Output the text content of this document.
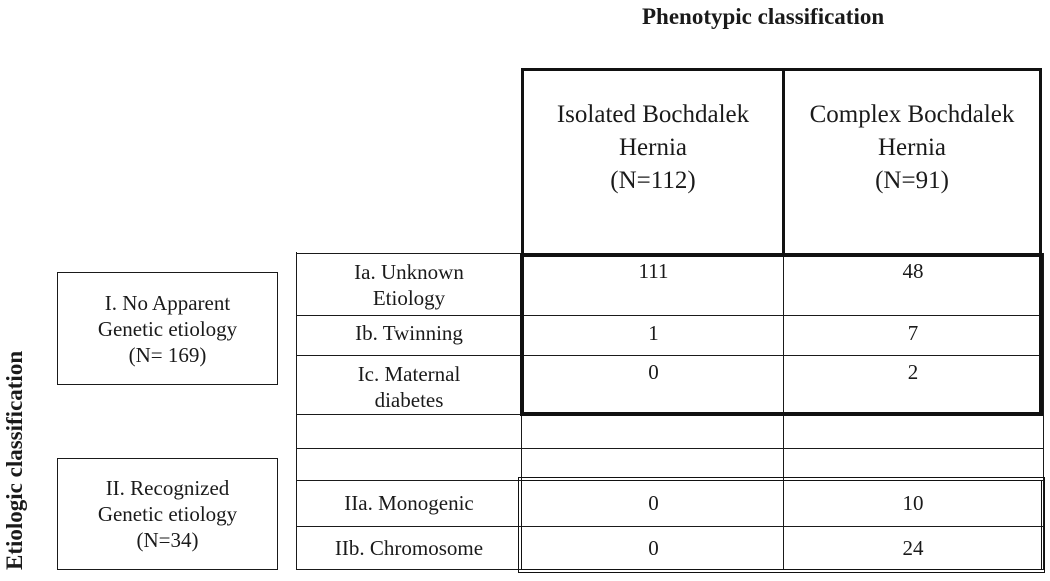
Phenotypic classification
Etiologic classification
Isolated Bochdalek
Hernia
(N=112)
Complex Bochdalek
Hernia
(N=91)
I. No Apparent
Genetic etiology
(N= 169)
II. Recognized
Genetic etiology
(N=34)
Ia. Unknown
Etiology
Ib. Twinning
Ic. Maternal
diabetes
IIa. Monogenic
IIb. Chromosome
111
1
0
0
0
48
7
2
10
24
